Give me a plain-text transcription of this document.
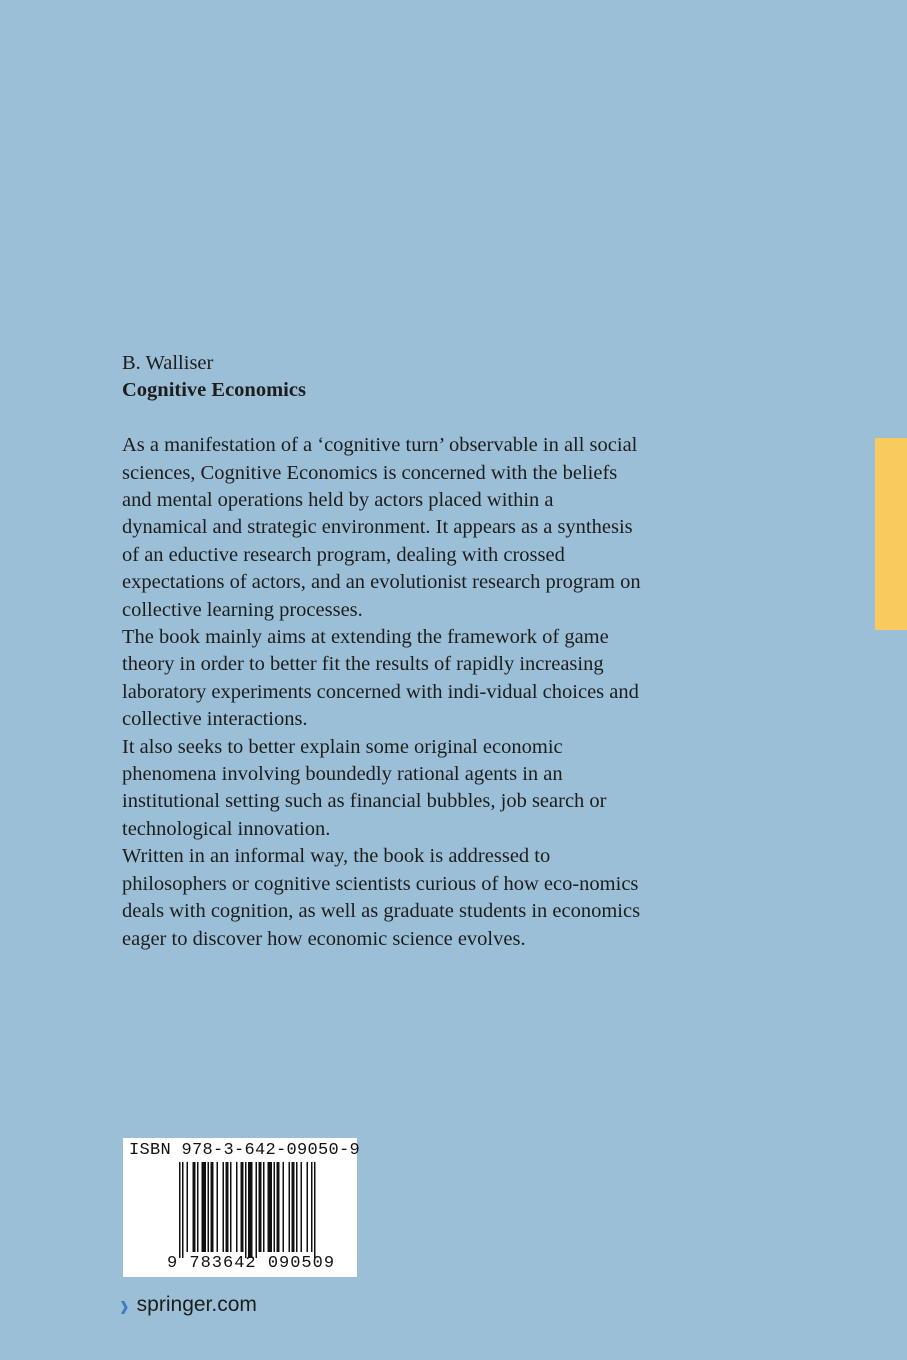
B. Walliser

Cognitive Economics

As a manifestation of a ‘cognitive turn’ observable in all social sciences, Cognitive Economics is concerned with the beliefs and mental operations held by actors placed within a dynamical and strategic environment. It appears as a synthesis of an eductive research program, dealing with crossed expectations of actors, and an evolutionist research program on collective learning processes.

The book mainly aims at extending the framework of game theory in order to better fit the results of rapidly increasing laboratory experiments concerned with indi-vidual choices and collective interactions.

It also seeks to better explain some original economic phenomena involving boundedly rational agents in an institutional setting such as financial bubbles, job search or technological innovation.

Written in an informal way, the book is addressed to philosophers or cognitive scientists curious of how eco-nomics deals with cognition, as well as graduate students in economics eager to discover how economic science evolves.

ISBN 978-3-642-09050-9
9 783642 090509
› springer.com
